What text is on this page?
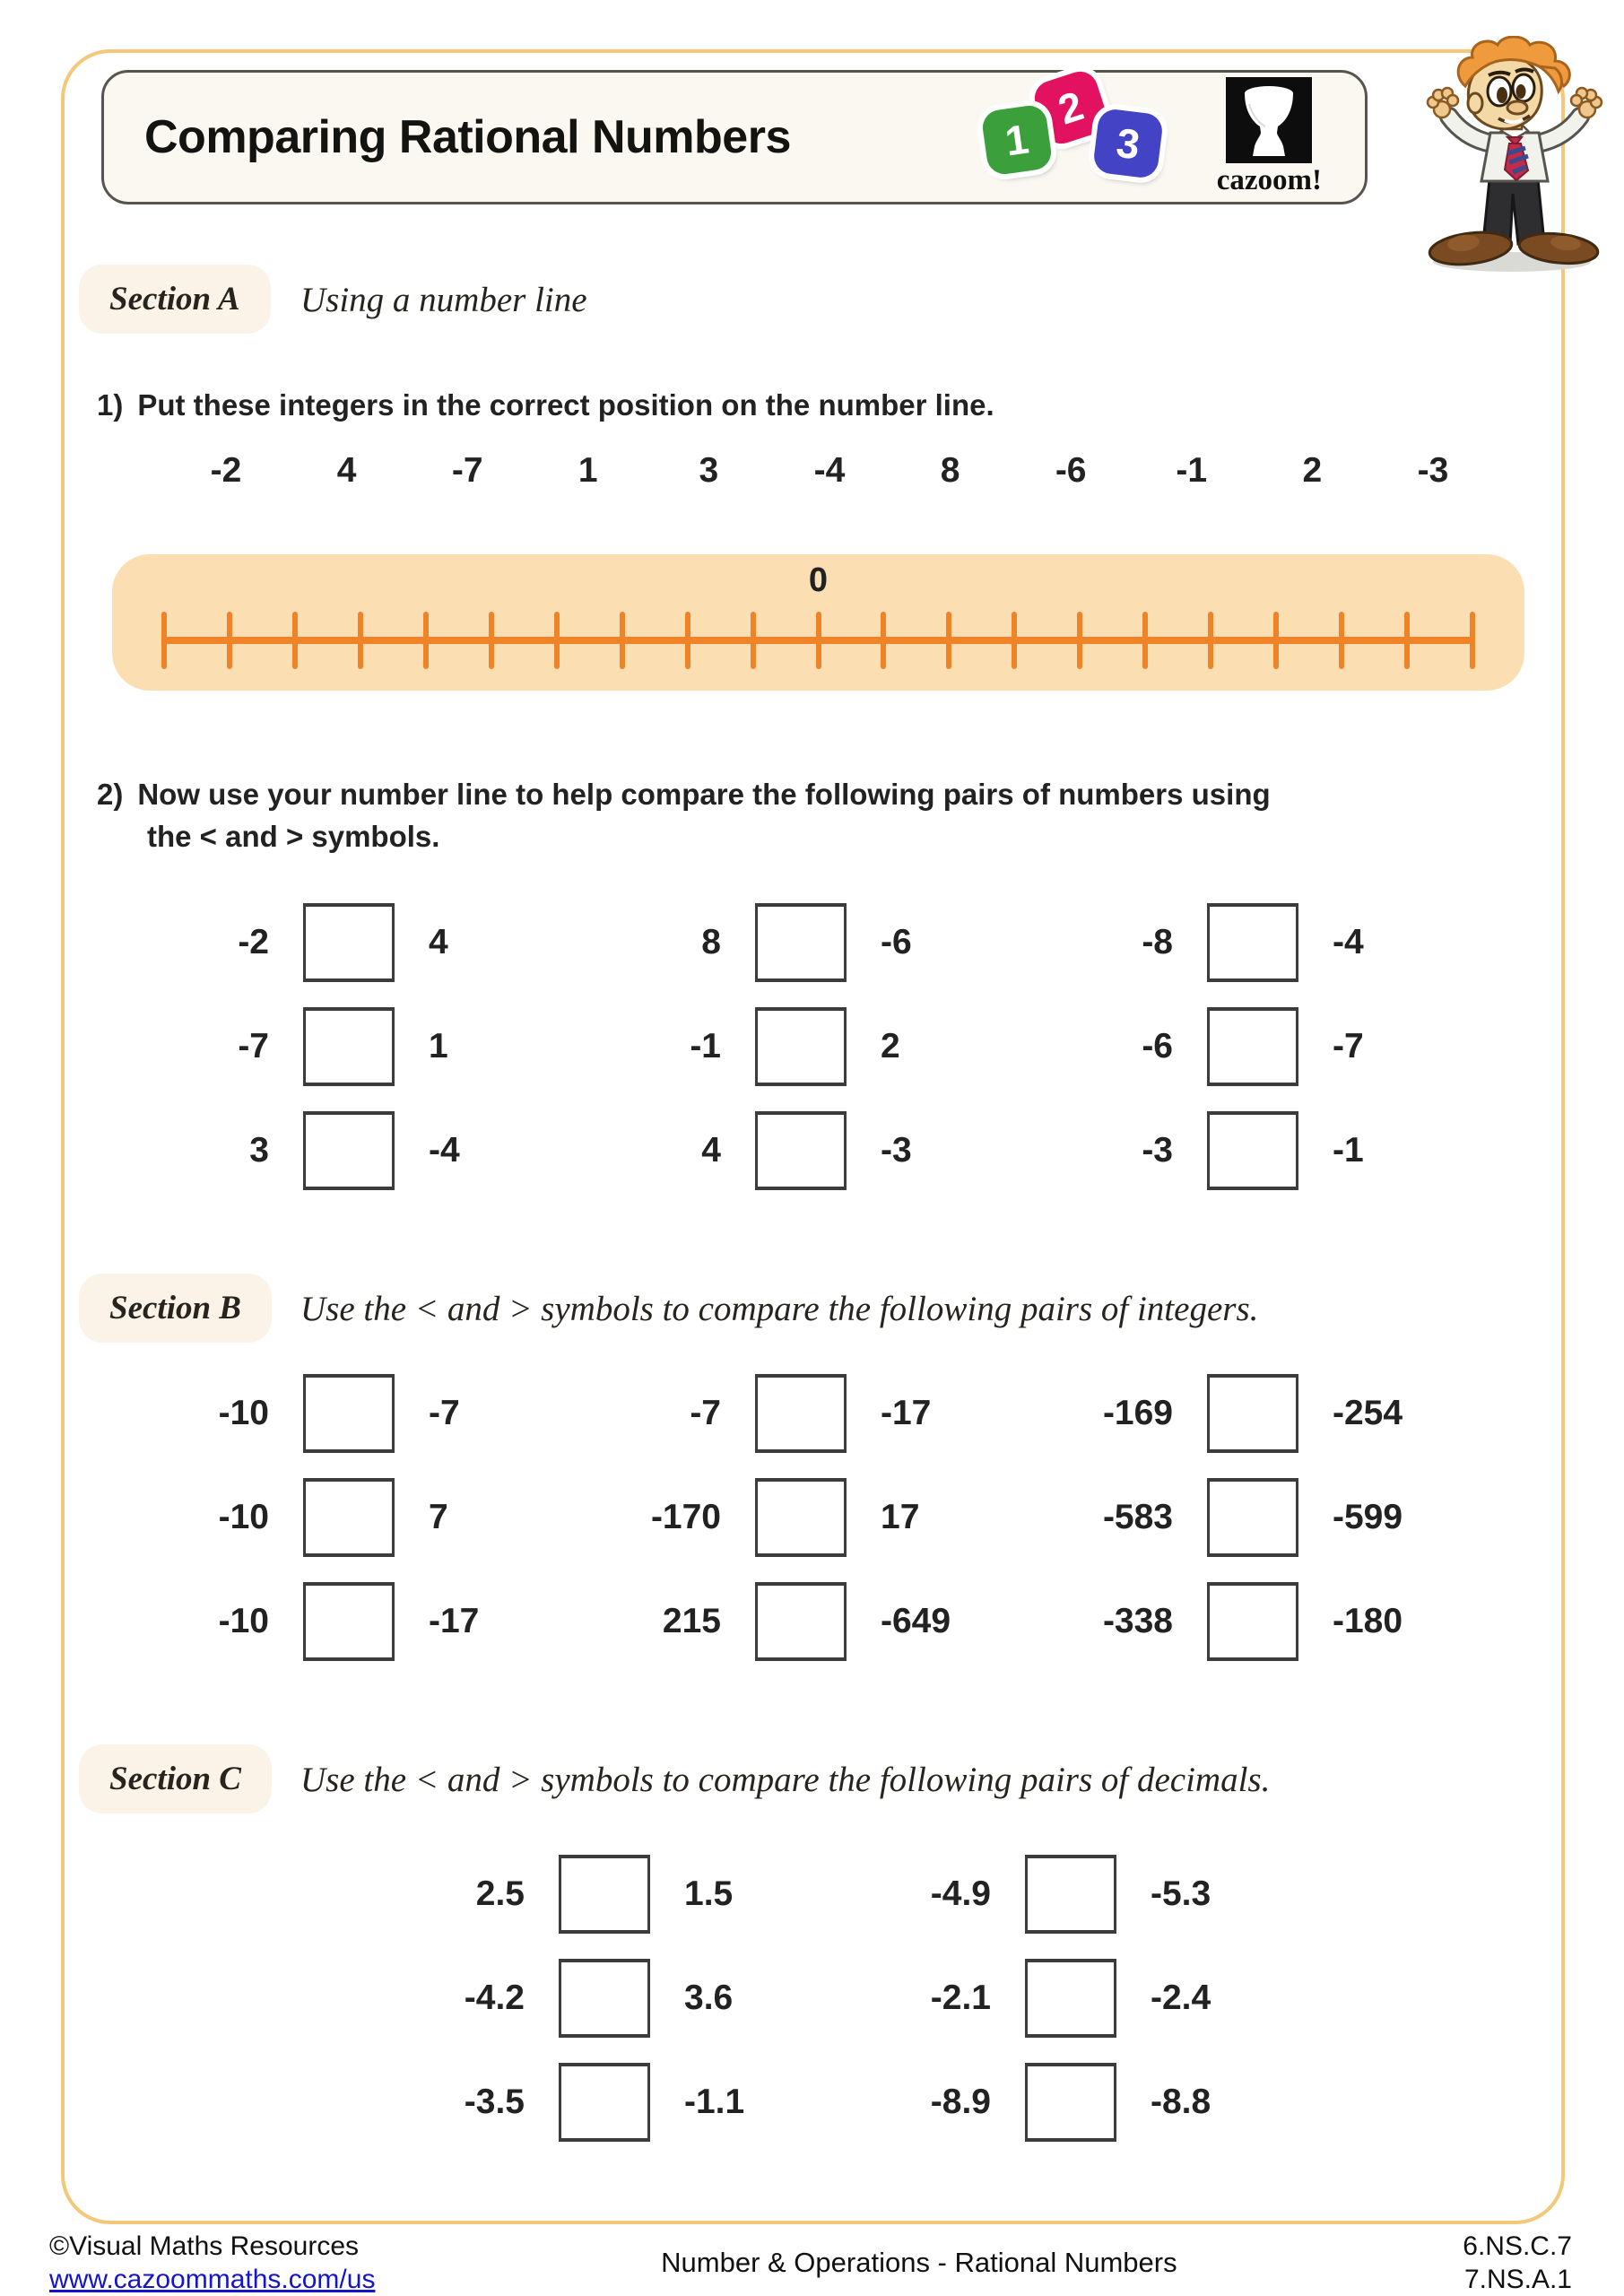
Comparing Rational Numbers
2
3
1
cazoom!
Section A	Using a number line
1) Put these integers in the correct position on the number line.
-2	4	-7	1	3	-4	8	-6	-1	2	-3
0
2) Now use your number line to help compare the following pairs of numbers using
the < and > symbols.
-2	4	8	-6	-8	-4
-7	1	-1	2	-6	-7
3	-4	4	-3	-3	-1
Section B	Use the < and > symbols to compare the following pairs of integers.
-10	-7	-7	-17	-169	-254
-10	7	-170	17	-583	-599
-10	-17	215	-649	-338	-180
Section C	Use the < and > symbols to compare the following pairs of decimals.
2.5	1.5	-4.9	-5.3
-4.2	3.6	-2.1	-2.4
-3.5	-1.1	-8.9	-8.8
©Visual Maths Resources
www.cazoommaths.com/us
Number & Operations - Rational Numbers
6.NS.C.7
7.NS.A.1
